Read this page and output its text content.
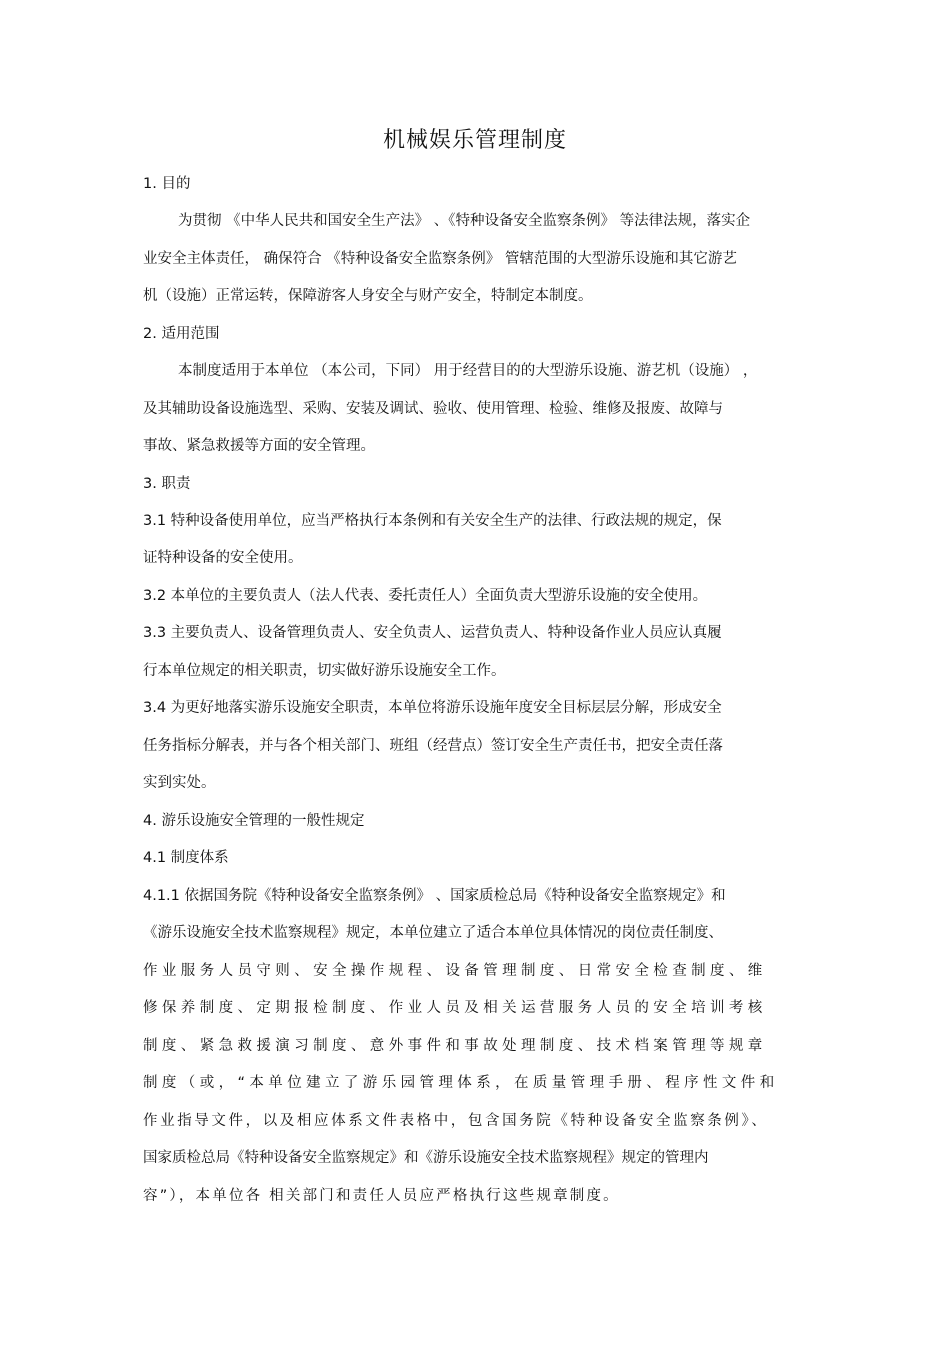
机械娱乐管理制度
1. 目的
为贯彻 《中华人民共和国安全生产法》 、《特种设备安全监察条例》 等法律法规，落实企
业安全主体责任， 确保符合 《特种设备安全监察条例》 管辖范围的大型游乐设施和其它游艺
机（设施）正常运转，保障游客人身安全与财产安全，特制定本制度。
2. 适用范围
本制度适用于本单位 （本公司，下同） 用于经营目的的大型游乐设施、游艺机（设施） ，
及其辅助设备设施选型、采购、安装及调试、验收、使用管理、检验、维修及报废、故障与
事故、紧急救援等方面的安全管理。
3. 职责
3.1 特种设备使用单位，应当严格执行本条例和有关安全生产的法律、行政法规的规定，保
证特种设备的安全使用。
3.2 本单位的主要负责人（法人代表、委托责任人）全面负责大型游乐设施的安全使用。
3.3 主要负责人、设备管理负责人、安全负责人、运营负责人、特种设备作业人员应认真履
行本单位规定的相关职责，切实做好游乐设施安全工作。
3.4 为更好地落实游乐设施安全职责，本单位将游乐设施年度安全目标层层分解，形成安全
任务指标分解表，并与各个相关部门、班组（经营点）签订安全生产责任书，把安全责任落
实到实处。
4. 游乐设施安全管理的一般性规定
4.1 制度体系
4.1.1 依据国务院《特种设备安全监察条例》 、国家质检总局《特种设备安全监察规定》和
《游乐设施安全技术监察规程》规定，本单位建立了适合本单位具体情况的岗位责任制度、
作业服务人员守则、安全操作规程、设备管理制度、日常安全检查制度、维
修保养制度、定期报检制度、作业人员及相关运营服务人员的安全培训考核
制度、紧急救援演习制度、意外事件和事故处理制度、技术档案管理等规章
制度（或，“本单位建立了游乐园管理体系，在质量管理手册、程序性文件和
作业指导文件，以及相应体系文件表格中，包含国务院《特种设备安全监察条例》、
国家质检总局《特种设备安全监察规定》和《游乐设施安全技术监察规程》规定的管理内
容”），本单位各 相关部门和责任人员应严格执行这些规章制度。
